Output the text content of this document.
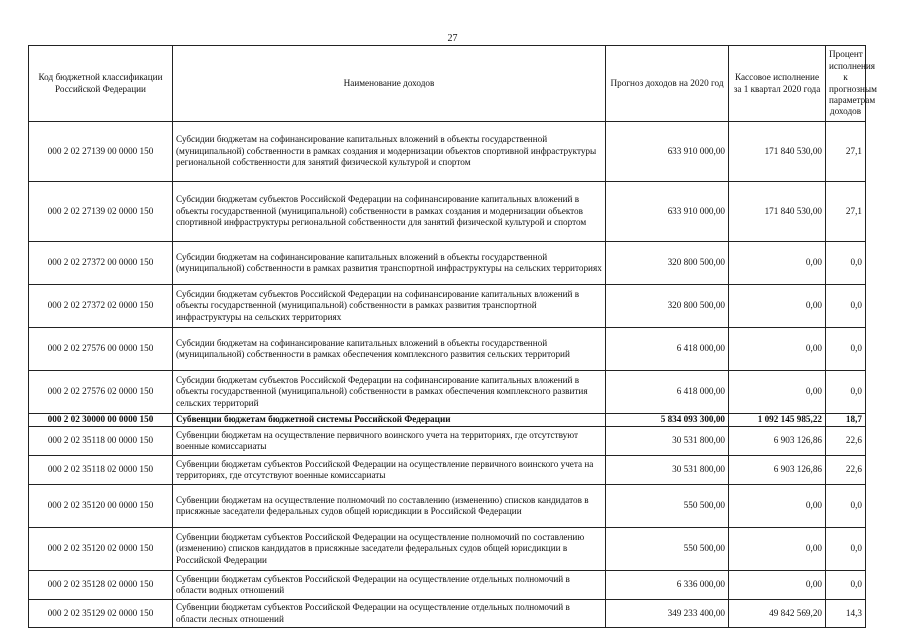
27
Код бюджетной классификации Российской Федерации	Наименование доходов	Прогноз доходов на 2020 год	Кассовое исполнение за 1 квартал 2020 года	Процент исполнения к прогнозным параметрам доходов
000 2 02 27139 00 0000 150	Субсидии бюджетам на софинансирование капитальных вложений в объекты государственной (муниципальной) собственности в рамках создания и модернизации объектов спортивной инфраструктуры региональной собственности для занятий физической культурой и спортом	633 910 000,00	171 840 530,00	27,1
000 2 02 27139 02 0000 150	Субсидии бюджетам субъектов Российской Федерации на софинансирование капитальных вложений в объекты государственной (муниципальной) собственности в рамках создания и модернизации объектов спортивной инфраструктуры региональной собственности для занятий физической культурой и спортом	633 910 000,00	171 840 530,00	27,1
000 2 02 27372 00 0000 150	Субсидии бюджетам на софинансирование капитальных вложений в объекты государственной (муниципальной) собственности в рамках развития транспортной инфраструктуры на сельских территориях	320 800 500,00	0,00	0,0
000 2 02 27372 02 0000 150	Субсидии бюджетам субъектов Российской Федерации на софинансирование капитальных вложений в объекты государственной (муниципальной) собственности в рамках развития транспортной инфраструктуры на сельских территориях	320 800 500,00	0,00	0,0
000 2 02 27576 00 0000 150	Субсидии бюджетам на софинансирование капитальных вложений в объекты государственной (муниципальной) собственности в рамках обеспечения комплексного развития сельских территорий	6 418 000,00	0,00	0,0
000 2 02 27576 02 0000 150	Субсидии бюджетам субъектов Российской Федерации на софинансирование капитальных вложений в объекты государственной (муниципальной) собственности в рамках обеспечения комплексного развития сельских территорий	6 418 000,00	0,00	0,0
000 2 02 30000 00 0000 150	Субвенции бюджетам бюджетной системы Российской Федерации	5 834 093 300,00	1 092 145 985,22	18,7
000 2 02 35118 00 0000 150	Субвенции бюджетам на осуществление первичного воинского учета на территориях, где отсутствуют военные комиссариаты	30 531 800,00	6 903 126,86	22,6
000 2 02 35118 02 0000 150	Субвенции бюджетам субъектов Российской Федерации на осуществление первичного воинского учета на территориях, где отсутствуют военные комиссариаты	30 531 800,00	6 903 126,86	22,6
000 2 02 35120 00 0000 150	Субвенции бюджетам на осуществление полномочий по составлению (изменению) списков кандидатов в присяжные заседатели федеральных судов общей юрисдикции в Российской Федерации	550 500,00	0,00	0,0
000 2 02 35120 02 0000 150	Субвенции бюджетам субъектов Российской Федерации на осуществление полномочий по составлению (изменению) списков кандидатов в присяжные заседатели федеральных судов общей юрисдикции в Российской Федерации	550 500,00	0,00	0,0
000 2 02 35128 02 0000 150	Субвенции бюджетам субъектов Российской Федерации на осуществление отдельных полномочий в области водных отношений	6 336 000,00	0,00	0,0
000 2 02 35129 02 0000 150	Субвенции бюджетам субъектов Российской Федерации на осуществление отдельных полномочий в области лесных отношений	349 233 400,00	49 842 569,20	14,3
